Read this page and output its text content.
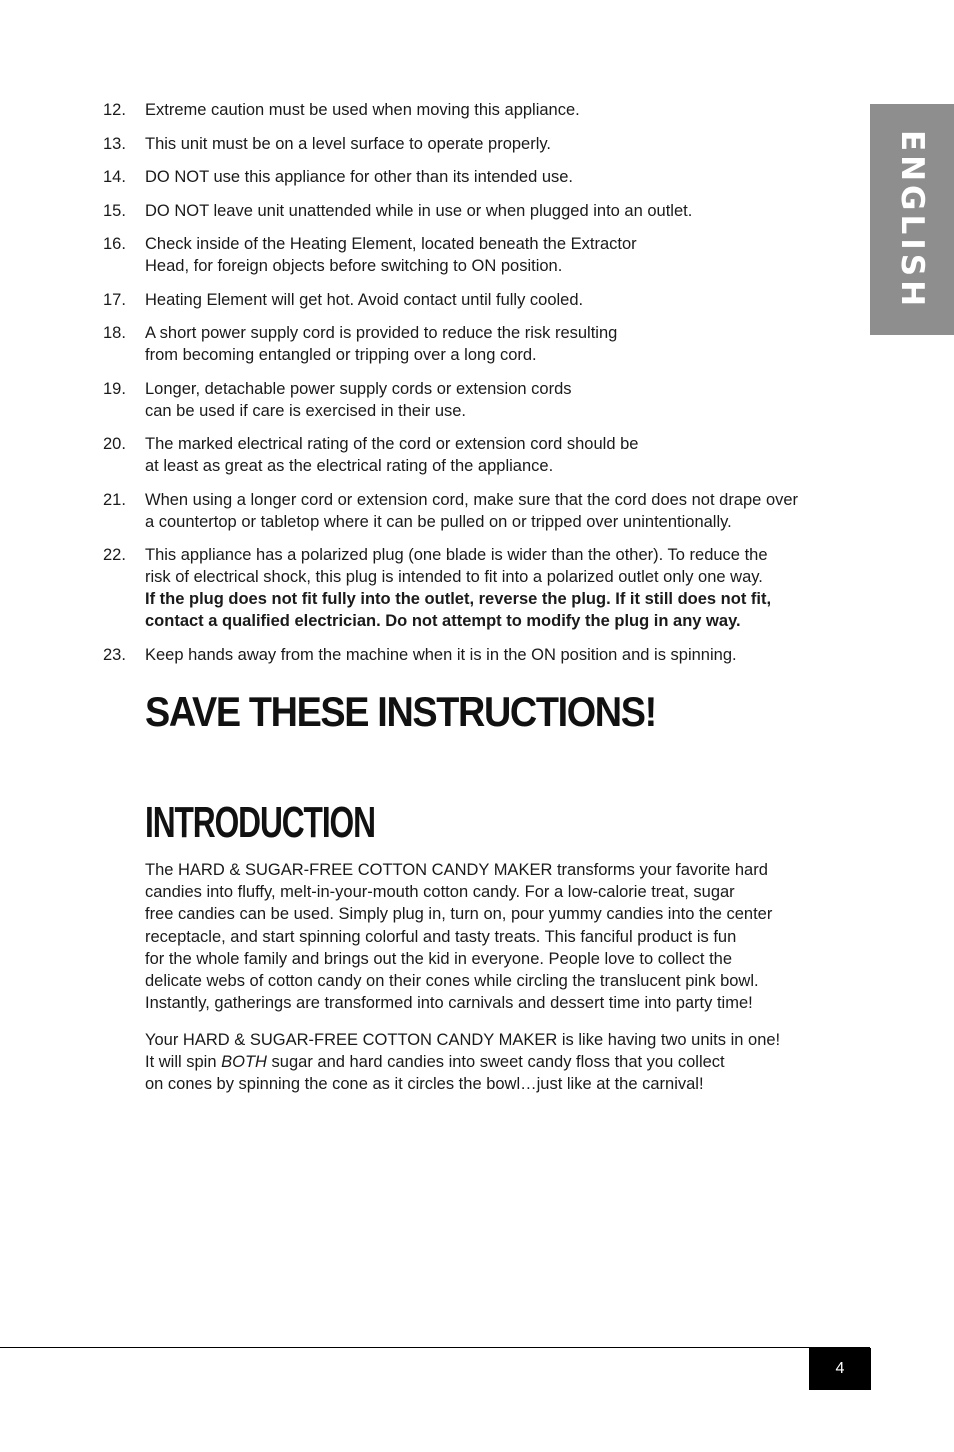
ENGLISH
12.	Extreme caution must be used when moving this appliance.
13.	This unit must be on a level surface to operate properly.
14.	DO NOT use this appliance for other than its intended use.
15.	DO NOT leave unit unattended while in use or when plugged into an outlet.
16.	Check inside of the Heating Element, located beneath the Extractor
Head, for foreign objects before switching to ON position.
17.	Heating Element will get hot. Avoid contact until fully cooled.
18.	A short power supply cord is provided to reduce the risk resulting
from becoming entangled or tripping over a long cord.
19.	Longer, detachable power supply cords or extension cords
can be used if care is exercised in their use.
20.	The marked electrical rating of the cord or extension cord should be
at least as great as the electrical rating of the appliance.
21.	When using a longer cord or extension cord, make sure that the cord does not drape over
a countertop or tabletop where it can be pulled on or tripped over unintentionally.
22.	This appliance has a polarized plug (one blade is wider than the other). To reduce the
risk of electrical shock, this plug is intended to fit into a polarized outlet only one way.
If the plug does not fit fully into the outlet, reverse the plug. If it still does not fit,
contact a qualified electrician. Do not attempt to modify the plug in any way.
23.	Keep hands away from the machine when it is in the ON position and is spinning.
SAVE THESE INSTRUCTIONS!
INTRODUCTION

The HARD & SUGAR-FREE COTTON CANDY MAKER transforms your favorite hard
candies into fluffy, melt-in-your-mouth cotton candy. For a low-calorie treat, sugar
free candies can be used. Simply plug in, turn on, pour yummy candies into the center
receptacle, and start spinning colorful and tasty treats. This fanciful product is fun
for the whole family and brings out the kid in everyone. People love to collect the
delicate webs of cotton candy on their cones while circling the translucent pink bowl.
Instantly, gatherings are transformed into carnivals and dessert time into party time!

Your HARD & SUGAR-FREE COTTON CANDY MAKER is like having two units in one!
It will spin BOTH sugar and hard candies into sweet candy floss that you collect
on cones by spinning the cone as it circles the bowl…just like at the carnival!

4
